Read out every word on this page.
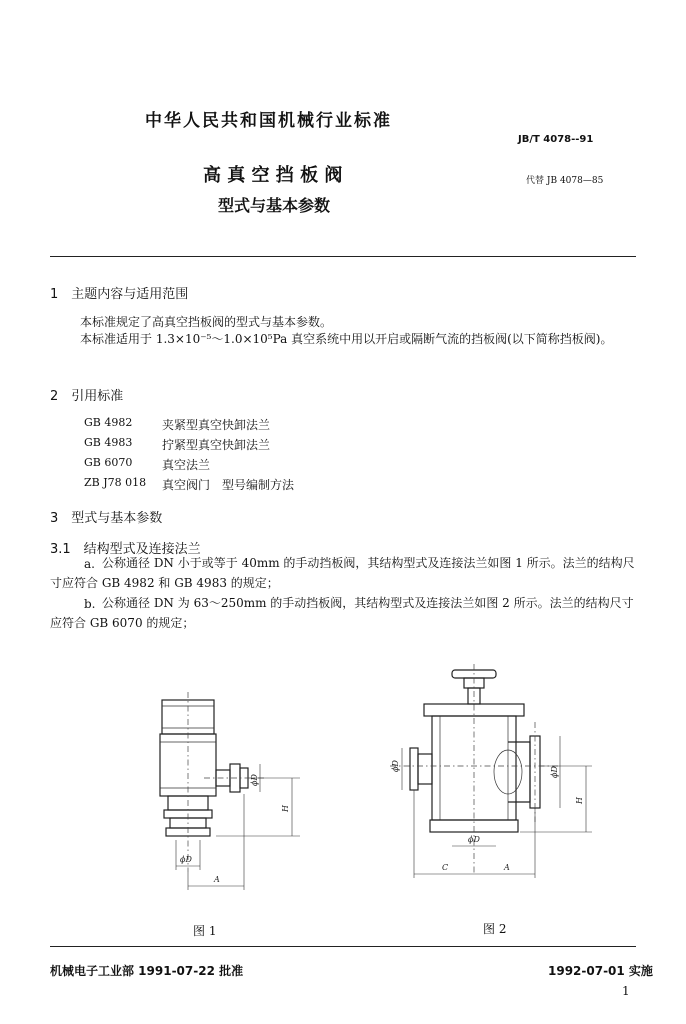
中华人民共和国机械行业标准
JB/T 4078--91
高 真 空 挡 板 阀	代替 JB 4078—85
型式与基本参数
1　主题内容与适用范围
本标准规定了高真空挡板阀的型式与基本参数。
本标准适用于 1.3×10⁻⁵～1.0×10⁵Pa 真空系统中用以开启或隔断气流的挡板阀(以下简称挡板阀)。
2　引用标准
GB 4982 夹紧型真空快卸法兰
GB 4983 拧紧型真空快卸法兰
GB 6070 真空法兰
ZB J78 018 真空阀门　型号编制方法
3　型式与基本参数
3.1　结构型式及连接法兰
a. 公称通径 DN 小于或等于 40mm 的手动挡板阀，其结构型式及连接法兰如图 1 所示。法兰的结构尺寸应符合 GB 4982 和 GB 4983 的规定；
b. 公称通径 DN 为 63～250mm 的手动挡板阀，其结构型式及连接法兰如图 2 所示。法兰的结构尺寸应符合 GB 6070 的规定；
ϕD
A
H
ϕD
图 1
ϕD
ϕD
ϕD
C	A
H
图 2
机械电子工业部 1991-07-22 批准	1992-07-01 实施
1
